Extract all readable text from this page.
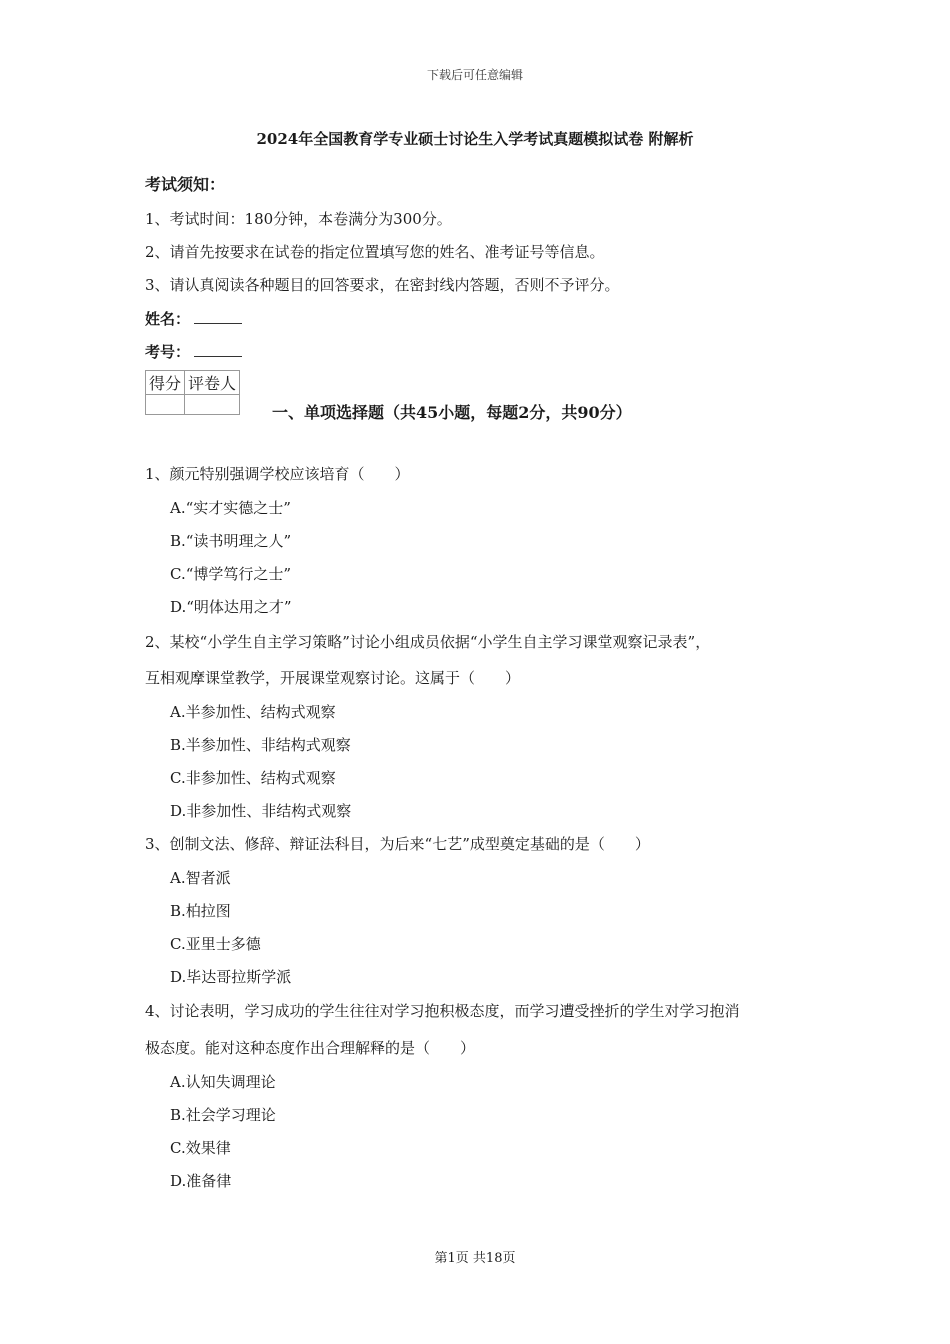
下载后可任意编辑
2024年全国教育学专业硕士讨论生入学考试真题模拟试卷 附解析
考试须知：
1、考试时间：180分钟，本卷满分为300分。
2、请首先按要求在试卷的指定位置填写您的姓名、准考证号等信息。
3、请认真阅读各种题目的回答要求，在密封线内答题，否则不予评分。
姓名：
考号：
得分	评卷人

一、单项选择题（共45小题，每题2分，共90分）
1、颜元特别强调学校应该培育（　　）
A.“实才实德之士”
B.“读书明理之人”
C.“博学笃行之士”
D.“明体达用之才”
2、某校“小学生自主学习策略”讨论小组成员依据“小学生自主学习课堂观察记录表”，
互相观摩课堂教学，开展课堂观察讨论。这属于（　　）
A.半参加性、结构式观察
B.半参加性、非结构式观察
C.非参加性、结构式观察
D.非参加性、非结构式观察
3、创制文法、修辞、辩证法科目，为后来“七艺”成型奠定基础的是（　　）
A.智者派
B.柏拉图
C.亚里士多德
D.毕达哥拉斯学派
4、讨论表明，学习成功的学生往往对学习抱积极态度，而学习遭受挫折的学生对学习抱消
极态度。能对这种态度作出合理解释的是（　　）
A.认知失调理论
B.社会学习理论
C.效果律
D.准备律
第1页 共18页
